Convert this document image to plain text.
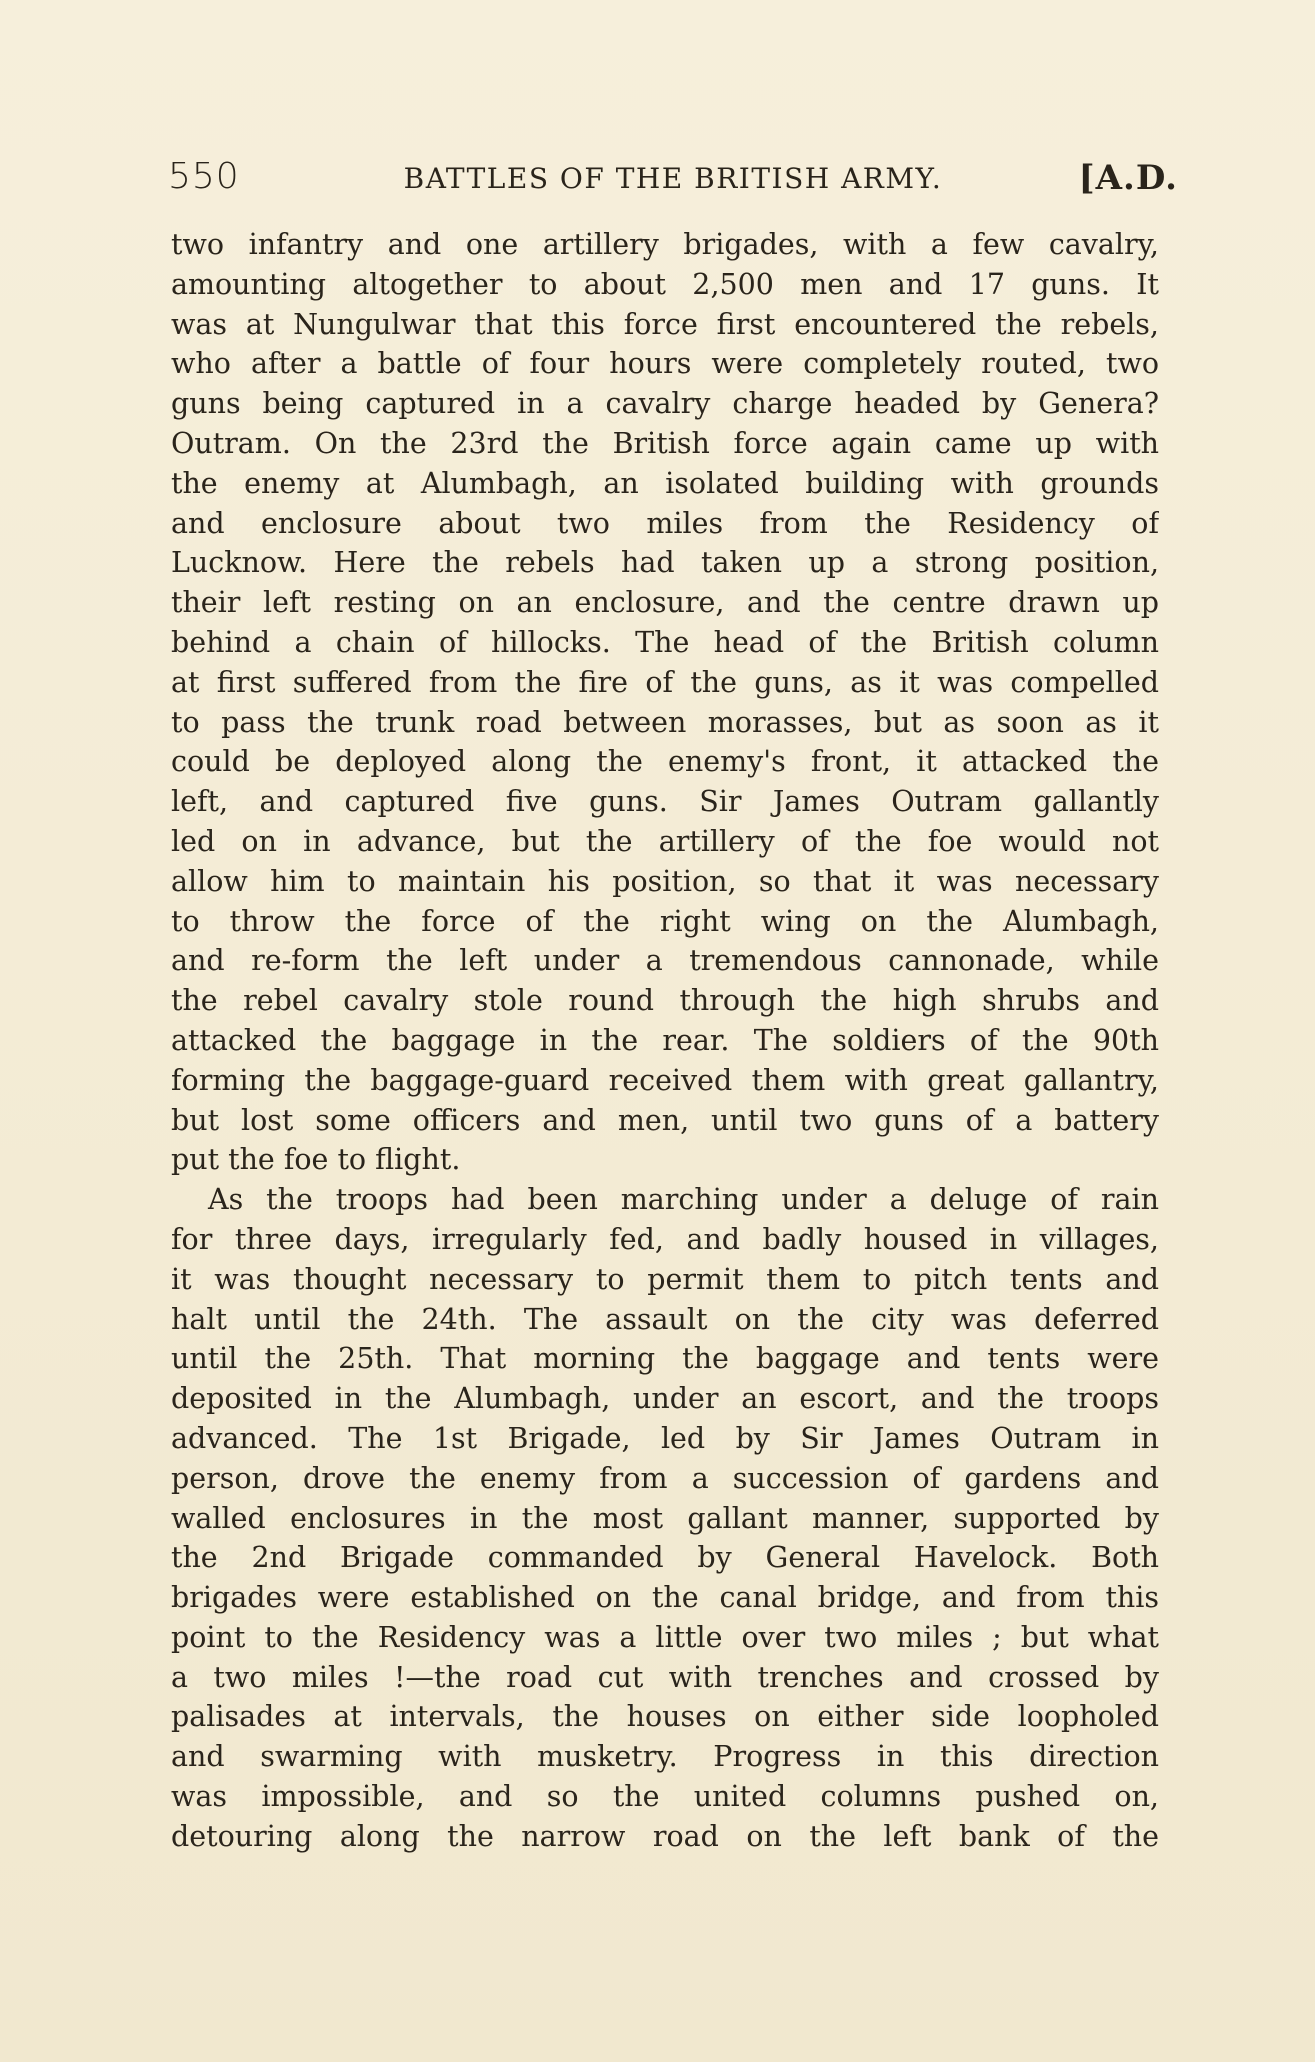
550	BATTLES OF THE BRITISH ARMY.	[A.D.
two infantry and one artillery brigades, with a few cavalry,
amounting altogether to about 2,500 men and 17 guns. It
was at Nungulwar that this force first encountered the rebels,
who after a battle of four hours were completely routed, two
guns being captured in a cavalry charge headed by Genera?
Outram. On the 23rd the British force again came up with
the enemy at Alumbagh, an isolated building with grounds
and enclosure about two miles from the Residency of
Lucknow. Here the rebels had taken up a strong position,
their left resting on an enclosure, and the centre drawn up
behind a chain of hillocks. The head of the British column
at first suffered from the fire of the guns, as it was compelled
to pass the trunk road between morasses, but as soon as it
could be deployed along the enemy's front, it attacked the
left, and captured five guns. Sir James Outram gallantly
led on in advance, but the artillery of the foe would not
allow him to maintain his position, so that it was necessary
to throw the force of the right wing on the Alumbagh,
and re-form the left under a tremendous cannonade, while
the rebel cavalry stole round through the high shrubs and
attacked the baggage in the rear. The soldiers of the 90th
forming the baggage-guard received them with great gallantry,
but lost some officers and men, until two guns of a battery
put the foe to flight.
As the troops had been marching under a deluge of rain
for three days, irregularly fed, and badly housed in villages,
it was thought necessary to permit them to pitch tents and
halt until the 24th. The assault on the city was deferred
until the 25th. That morning the baggage and tents were
deposited in the Alumbagh, under an escort, and the troops
advanced. The 1st Brigade, led by Sir James Outram in
person, drove the enemy from a succession of gardens and
walled enclosures in the most gallant manner, supported by
the 2nd Brigade commanded by General Havelock. Both
brigades were established on the canal bridge, and from this
point to the Residency was a little over two miles ; but what
a two miles !—the road cut with trenches and crossed by
palisades at intervals, the houses on either side loopholed
and swarming with musketry. Progress in this direction
was impossible, and so the united columns pushed on,
detouring along the narrow road on the left bank of the
